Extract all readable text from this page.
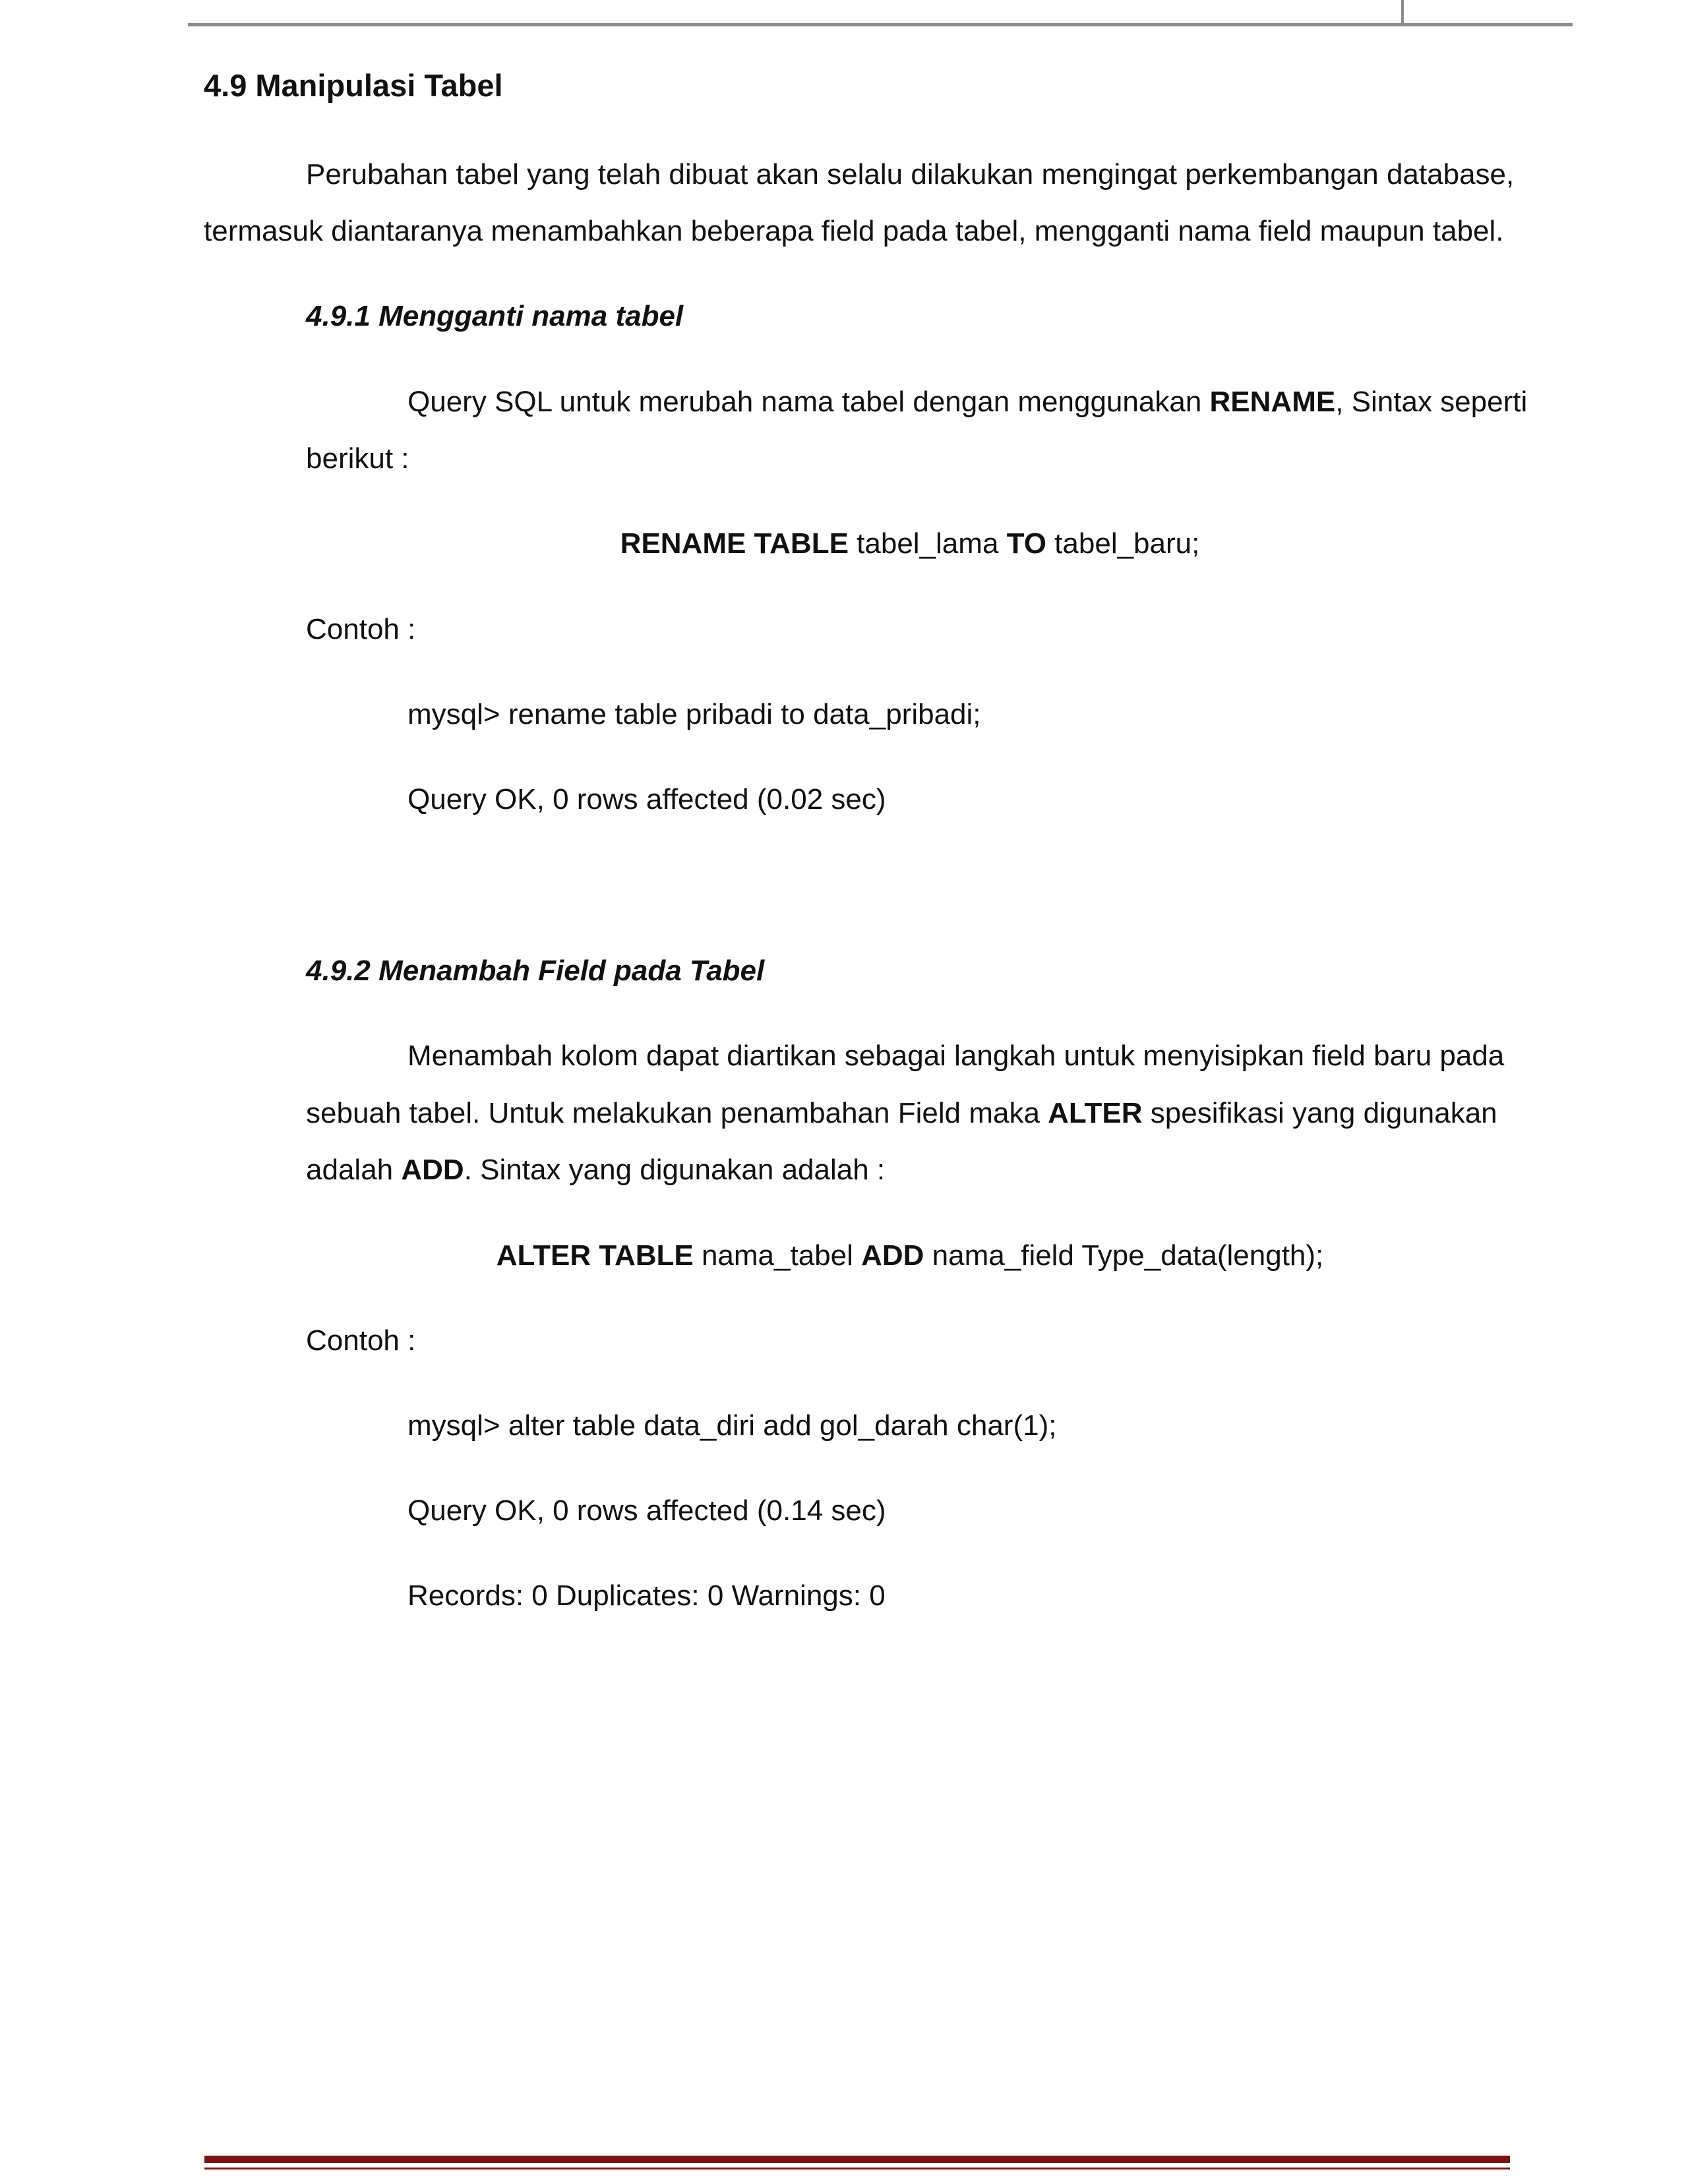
4.9 Manipulasi Tabel
Perubahan tabel yang telah dibuat akan selalu dilakukan mengingat perkembangan database,
termasuk diantaranya menambahkan beberapa field pada tabel, mengganti nama field maupun tabel.
4.9.1 Mengganti nama tabel
Query SQL untuk merubah nama tabel dengan menggunakan RENAME, Sintax seperti
berikut :
RENAME TABLE tabel_lama TO tabel_baru;
Contoh :
mysql> rename table pribadi to data_pribadi;
Query OK, 0 rows affected (0.02 sec)
4.9.2 Menambah Field pada Tabel
Menambah kolom dapat diartikan sebagai langkah untuk menyisipkan field baru pada
sebuah tabel. Untuk melakukan penambahan Field maka ALTER spesifikasi yang digunakan
adalah ADD. Sintax yang digunakan adalah :
ALTER TABLE nama_tabel ADD nama_field Type_data(length);
Contoh :
mysql> alter table data_diri add gol_darah char(1);
Query OK, 0 rows affected (0.14 sec)
Records: 0 Duplicates: 0 Warnings: 0
